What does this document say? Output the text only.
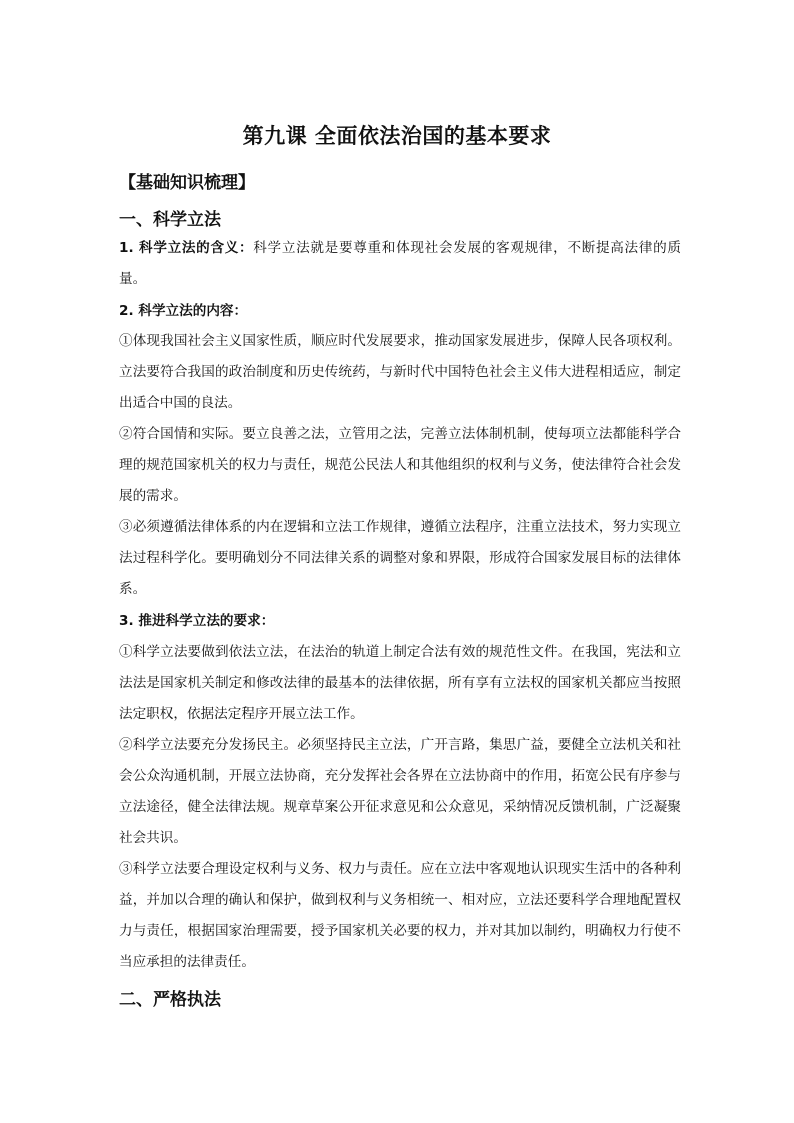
第九课 全面依法治国的基本要求
【基础知识梳理】
一、科学立法

1. 科学立法的含义：科学立法就是要尊重和体现社会发展的客观规律，不断提高法律的质量。

2. 科学立法的内容：

①体现我国社会主义国家性质，顺应时代发展要求，推动国家发展进步，保障人民各项权利。立法要符合我国的政治制度和历史传统药，与新时代中国特色社会主义伟大进程相适应，制定出适合中国的良法。

②符合国情和实际。要立良善之法，立管用之法，完善立法体制机制，使每项立法都能科学合理的规范国家机关的权力与责任，规范公民法人和其他组织的权利与义务，使法律符合社会发展的需求。

③必须遵循法律体系的内在逻辑和立法工作规律，遵循立法程序，注重立法技术，努力实现立法过程科学化。要明确划分不同法律关系的调整对象和界限，形成符合国家发展目标的法律体系。

3. 推进科学立法的要求：

①科学立法要做到依法立法，在法治的轨道上制定合法有效的规范性文件。在我国，宪法和立法法是国家机关制定和修改法律的最基本的法律依据，所有享有立法权的国家机关都应当按照法定职权，依据法定程序开展立法工作。

②科学立法要充分发扬民主。必须坚持民主立法，广开言路，集思广益，要健全立法机关和社会公众沟通机制，开展立法协商，充分发挥社会各界在立法协商中的作用，拓宽公民有序参与立法途径，健全法律法规。规章草案公开征求意见和公众意见，采纳情况反馈机制，广泛凝聚社会共识。

③科学立法要合理设定权利与义务、权力与责任。应在立法中客观地认识现实生活中的各种利益，并加以合理的确认和保护，做到权利与义务相统一、相对应，立法还要科学合理地配置权力与责任，根据国家治理需要，授予国家机关必要的权力，并对其加以制约，明确权力行使不当应承担的法律责任。

二、严格执法
